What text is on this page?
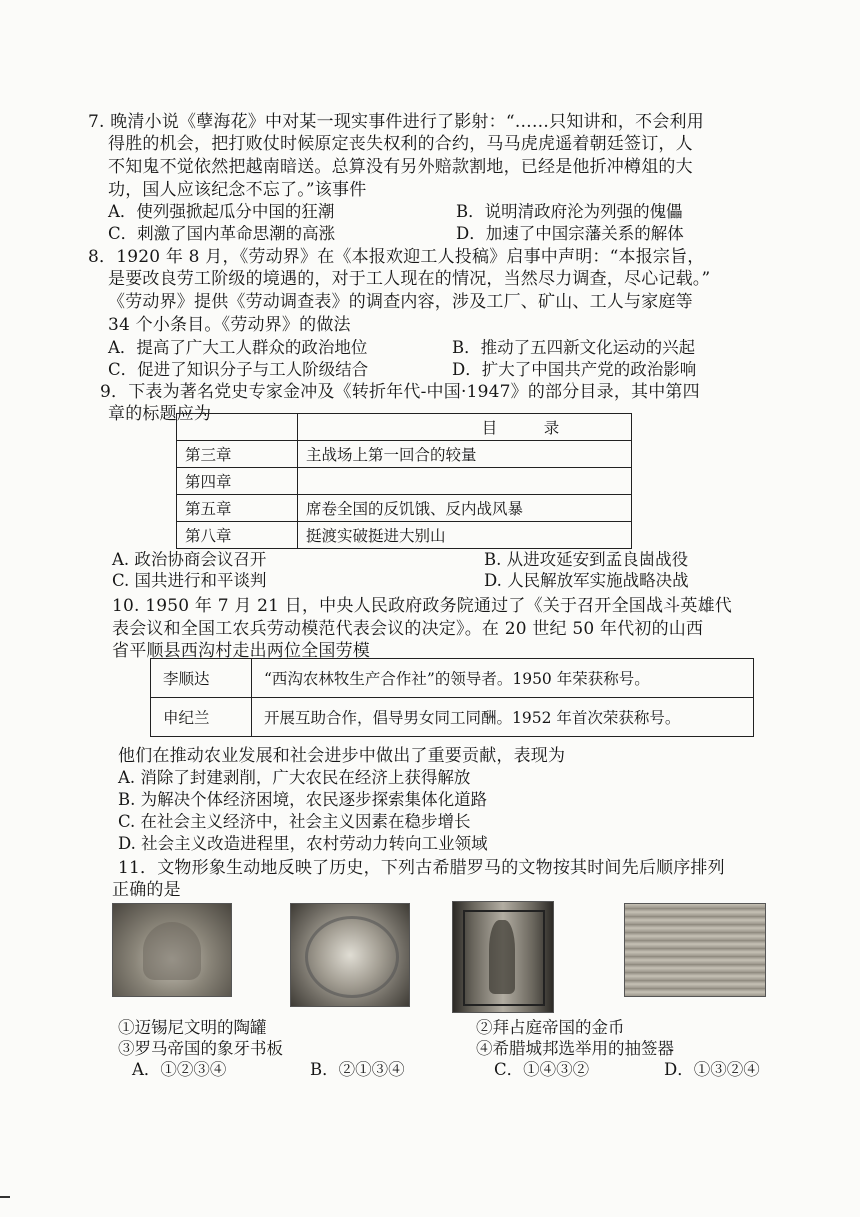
7. 晚清小说《孽海花》中对某一现实事件进行了影射：“……只知讲和，不会利用
得胜的机会，把打败仗时候原定丧失权利的合约，马马虎虎遥着朝廷签订，人
不知鬼不觉依然把越南暗送。总算没有另外赔款割地，已经是他折冲樽俎的大
功，国人应该纪念不忘了。”该事件
A．使列强掀起瓜分中国的狂潮	B．说明清政府沦为列强的傀儡
C．刺激了国内革命思潮的高涨	D．加速了中国宗藩关系的解体
8．1920 年 8 月，《劳动界》在《本报欢迎工人投稿》启事中声明：“本报宗旨，
是要改良劳工阶级的境遇的，对于工人现在的情况，当然尽力调查，尽心记载。”
《劳动界》提供《劳动调查表》的调查内容，涉及工厂、矿山、工人与家庭等
34 个小条目。《劳动界》的做法
A．提高了广大工人群众的政治地位	B．推动了五四新文化运动的兴起
C．促进了知识分子与工人阶级结合	D．扩大了中国共产党的政治影响
9．下表为著名党史专家金冲及《转折年代-中国·1947》的部分目录，其中第四
章的标题应为
	目　　　录
第三章	主战场上第一回合的较量
第四章	
第五章	席卷全国的反饥饿、反内战风暴
第八章	挺渡实破挺进大别山
A. 政治协商会议召开	B. 从进攻延安到孟良崮战役
C. 国共进行和平谈判	D. 人民解放军实施战略决战
10. 1950 年 7 月 21 日，中央人民政府政务院通过了《关于召开全国战斗英雄代
表会议和全国工农兵劳动模范代表会议的决定》。在 20 世纪 50 年代初的山西
省平顺县西沟村走出两位全国劳模
李顺达	“西沟农林牧生产合作社”的领导者。1950 年荣获称号。
申纪兰	开展互助合作，倡导男女同工同酬。1952 年首次荣获称号。
他们在推动农业发展和社会进步中做出了重要贡献，表现为
A. 消除了封建剥削，广大农民在经济上获得解放
B. 为解决个体经济困境，农民逐步探索集体化道路
C. 在社会主义经济中，社会主义因素在稳步增长
D. 社会主义改造进程里，农村劳动力转向工业领域
11．文物形象生动地反映了历史，下列古希腊罗马的文物按其时间先后顺序排列
正确的是
①迈锡尼文明的陶罐	②拜占庭帝国的金币
③罗马帝国的象牙书板	④希腊城邦选举用的抽签器
A．①②③④	B．②①③④	C．①④③②	D．①③②④
